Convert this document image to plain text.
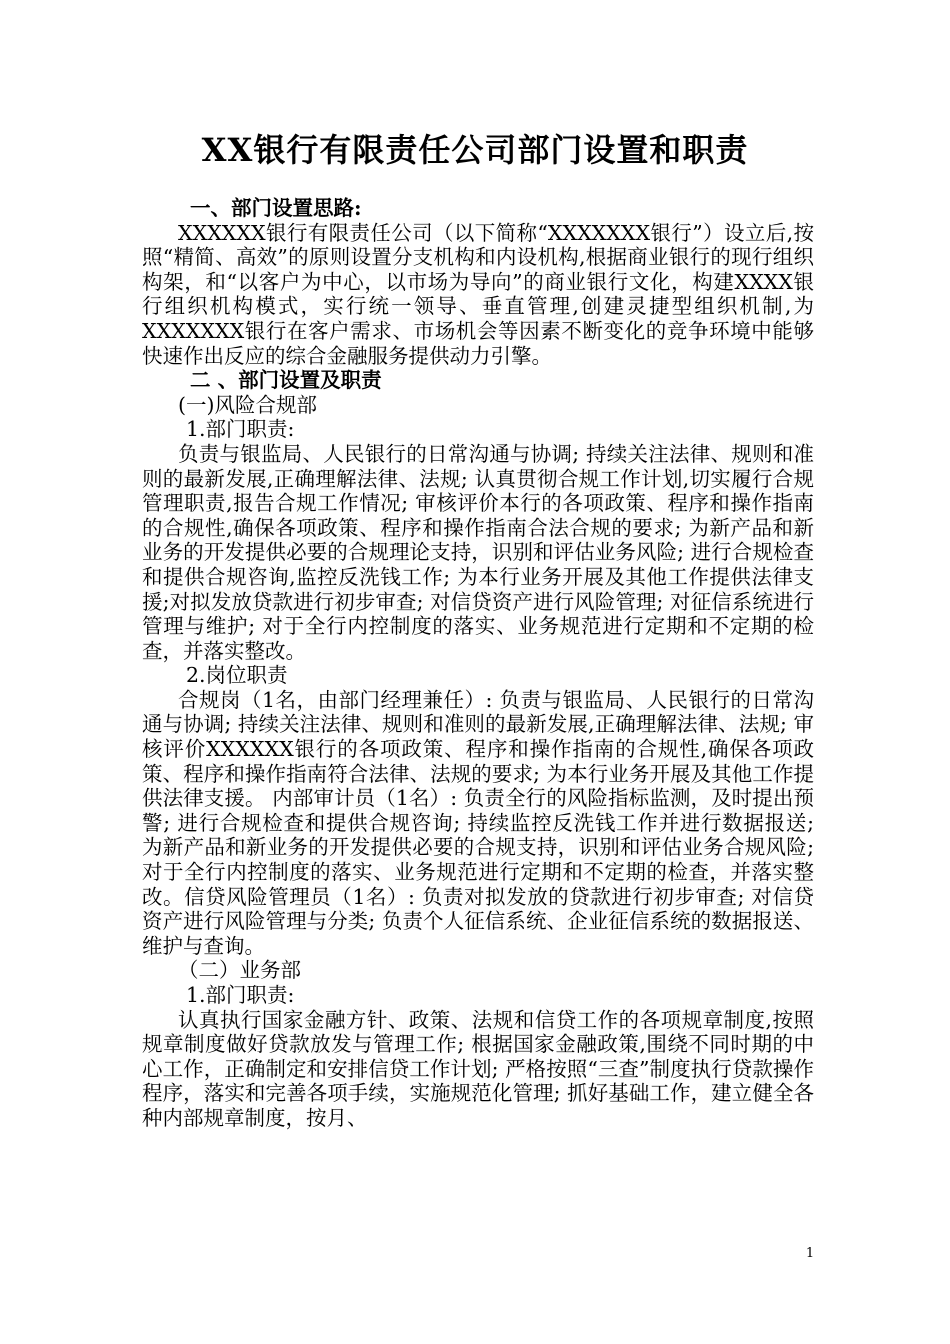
XX银行有限责任公司部门设置和职责

一、部门设置思路:

XXXXXX银行有限责任公司（以下简称“XXXXXXX银行”）设立后,按照“精简、高效”的原则设置分支机构和内设机构,根据商业银行的现行组织构架，和“以客户为中心，以市场为导向”的商业银行文化，构建XXXX银行组织机构模式，实行统一领导、垂直管理,创建灵捷型组织机制,为XXXXXXX银行在客户需求、市场机会等因素不断变化的竞争环境中能够快速作出反应的综合金融服务提供动力引擎。

二 、部门设置及职责

(一)风险合规部

1.部门职责:

负责与银监局、人民银行的日常沟通与协调; 持续关注法律、规则和准则的最新发展,正确理解法律、法规; 认真贯彻合规工作计划,切实履行合规管理职责,报告合规工作情况; 审核评价本行的各项政策、程序和操作指南的合规性,确保各项政策、程序和操作指南合法合规的要求; 为新产品和新业务的开发提供必要的合规理论支持，识别和评估业务风险; 进行合规检查和提供合规咨询,监控反洗钱工作; 为本行业务开展及其他工作提供法律支援;对拟发放贷款进行初步审查; 对信贷资产进行风险管理; 对征信系统进行管理与维护; 对于全行内控制度的落实、业务规范进行定期和不定期的检查，并落实整改。

2.岗位职责

合规岗（1名，由部门经理兼任）: 负责与银监局、人民银行的日常沟通与协调; 持续关注法律、规则和准则的最新发展,正确理解法律、法规; 审核评价XXXXXX银行的各项政策、程序和操作指南的合规性,确保各项政策、程序和操作指南符合法律、法规的要求; 为本行业务开展及其他工作提供法律支援。 内部审计员（1名）: 负责全行的风险指标监测，及时提出预警; 进行合规检查和提供合规咨询; 持续监控反洗钱工作并进行数据报送; 为新产品和新业务的开发提供必要的合规支持，识别和评估业务合规风险;对于全行内控制度的落实、业务规范进行定期和不定期的检查，并落实整改。信贷风险管理员（1名）: 负责对拟发放的贷款进行初步审查; 对信贷资产进行风险管理与分类; 负责个人征信系统、企业征信系统的数据报送、维护与查询。

（二）业务部

1.部门职责:

认真执行国家金融方针、政策、法规和信贷工作的各项规章制度,按照规章制度做好贷款放发与管理工作; 根据国家金融政策,围绕不同时期的中心工作，正确制定和安排信贷工作计划; 严格按照“三查”制度执行贷款操作程序，落实和完善各项手续，实施规范化管理; 抓好基础工作，建立健全各种内部规章制度，按月、

1
